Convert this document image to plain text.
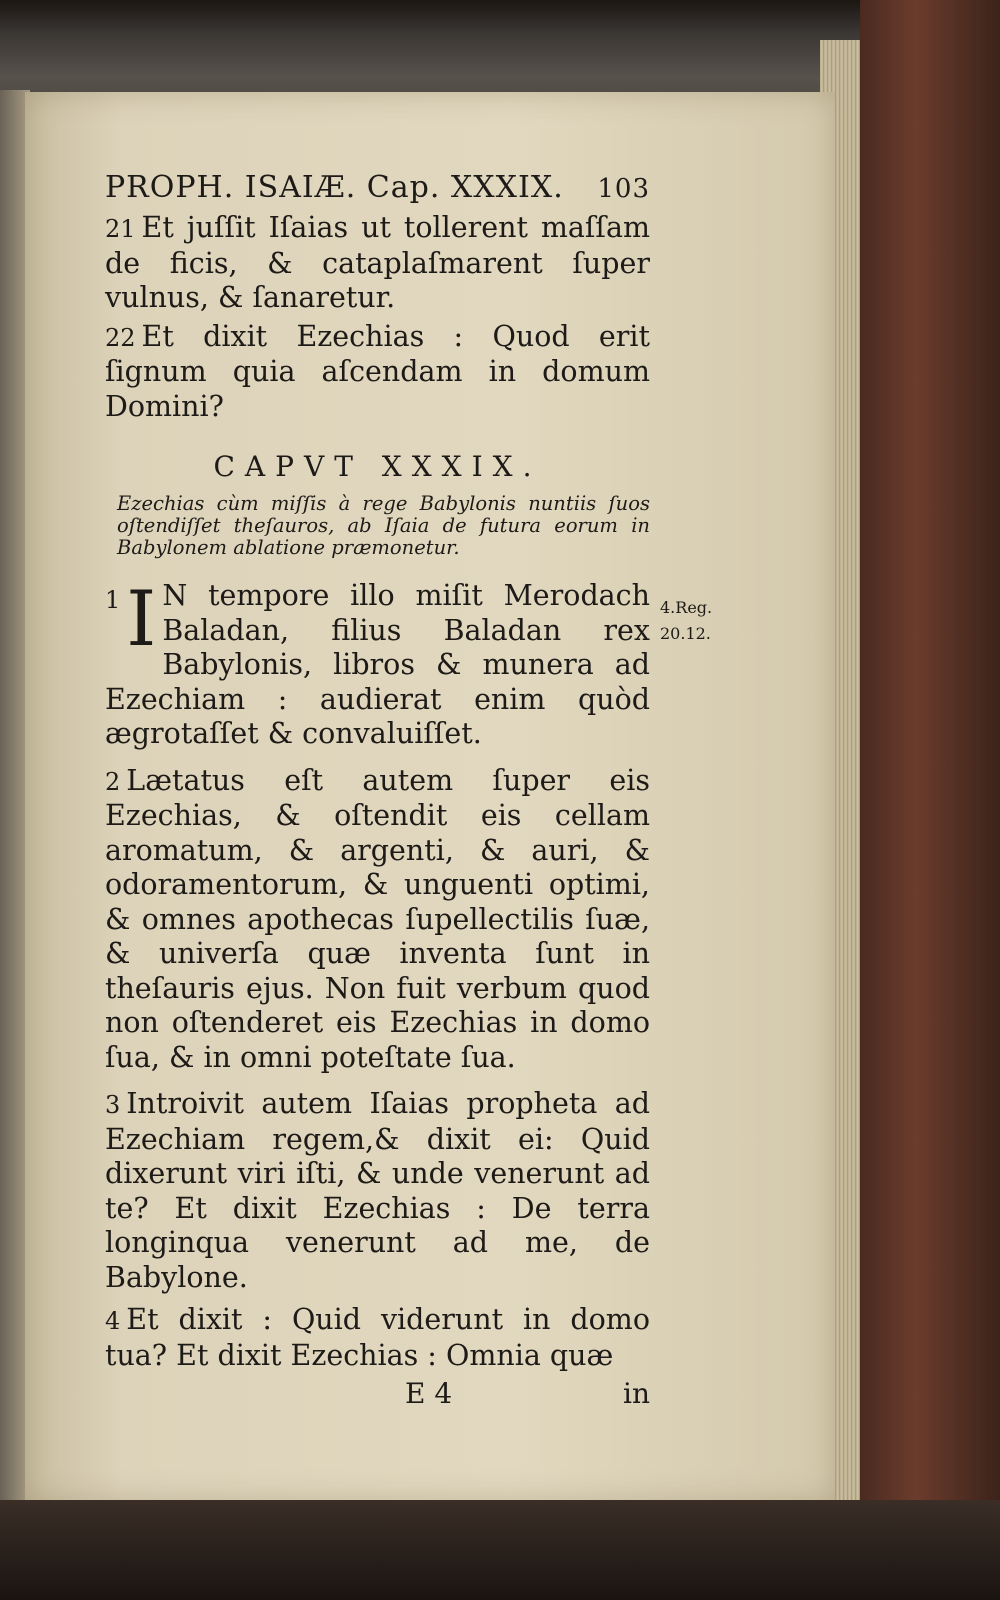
PROPH. ISAIÆ. Cap. XXXIX. 103

21 Et juſſit Iſaias ut tollerent maſſam de ficis, & cataplaſmarent ſuper vulnus, & ſanaretur.

22 Et dixit Ezechias : Quod erit ſignum quia aſcendam in domum Domini?

CAPVT XXXIX.

Ezechias cùm miſſis à rege Babylonis nuntiis ſuos oſtendiſſet theſauros, ab Iſaia de futura eorum in Babylonem ablatione præmonetur.

1 I N tempore illo miſit Merodach Baladan, filius Baladan rex Babylonis, libros & munera ad Ezechiam : audierat enim quòd ægrotaſſet & convaluiſſet.

2 Lætatus eſt autem ſuper eis Ezechias, & oſtendit eis cellam aromatum, & argenti, & auri, & odoramentorum, & unguenti optimi, & omnes apothecas ſupellectilis ſuæ, & univerſa quæ inventa ſunt in theſauris ejus. Non fuit verbum quod non oſtenderet eis Ezechias in domo ſua, & in omni poteſtate ſua.

3 Introivit autem Iſaias propheta ad Ezechiam regem,& dixit ei: Quid dixerunt viri iſti, & unde venerunt ad te? Et dixit Ezechias : De terra longinqua venerunt ad me, de Babylone.

4 Et dixit : Quid viderunt in domo tua? Et dixit Ezechias : Omnia quæ

E 4	in
4.Reg.
20.12.
